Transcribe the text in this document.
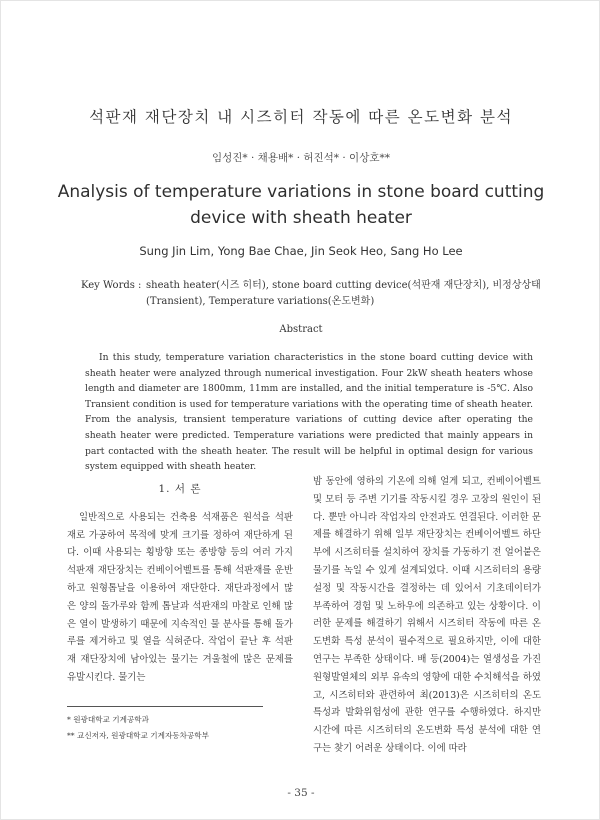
석판재 재단장치 내 시즈히터 작동에 따른 온도변화 분석
임성진* · 채용배* · 허진석* · 이상호**
Analysis of temperature variations in stone board cutting device with sheath heater
Sung Jin Lim, Yong Bae Chae, Jin Seok Heo, Sang Ho Lee
Key Words : sheath heater(시즈 히터), stone board cutting device(석판재 재단장치), 비정상상태(Transient), Temperature variations(온도변화)
Abstract
In this study, temperature variation characteristics in the stone board cutting device with sheath heater were analyzed through numerical investigation. Four 2kW sheath heaters whose length and diameter are 1800mm, 11mm are installed, and the initial temperature is -5℃. Also Transient condition is used for temperature variations with the operating time of sheath heater. From the analysis, transient temperature variations of cutting device after operating the sheath heater were predicted. Temperature variations were predicted that mainly appears in part contacted with the sheath heater. The result will be helpful in optimal design for various system equipped with sheath heater.
1. 서 론
일반적으로 사용되는 건축용 석재품은 원석을 석판재로 가공하여 목적에 맞게 크기를 정하여 재단하게 된다. 이때 사용되는 횡방향 또는 종방향 등의 여러 가지 석판재 재단장치는 컨베이어벨트를 통해 석판재를 운반하고 원형톱날을 이용하여 재단한다. 재단과정에서 많은 양의 돌가루와 함께 톱날과 석판재의 마찰로 인해 많은 열이 발생하기 때문에 지속적인 물 분사를 통해 돌가루를 제거하고 및 열을 식혀준다. 작업이 끝난 후 석판재 재단장치에 남아있는 물기는 겨울철에 많은 문제를 유발시킨다. 물기는
밤 동안에 영하의 기온에 의해 얼게 되고, 컨베이어벨트 및 모터 등 주변 기기를 작동시킬 경우 고장의 원인이 된다. 뿐만 아니라 작업자의 안전과도 연결된다. 이러한 문제를 해결하기 위해 일부 재단장치는 컨베이어벨트 하단부에 시즈히터를 설치하여 장치를 가동하기 전 얼어붙은 물기를 녹일 수 있게 설계되었다. 이때 시즈히터의 용량 설정 및 작동시간을 결정하는 데 있어서 기초데이터가 부족하여 경험 및 노하우에 의존하고 있는 상황이다. 이러한 문제를 해결하기 위해서 시즈히터 작동에 따른 온도변화 특성 분석이 필수적으로 필요하지만, 이에 대한 연구는 부족한 상태이다. 배 등(2004)는 열생성을 가진 원형발열체의 외부 유속의 영향에 대한 수치해석을 하였고, 시즈히터와 관련하여 최(2013)은 시즈히터의 온도특성과 발화위험성에 관한 연구를 수행하였다. 하지만 시간에 따른 시즈히터의 온도변화 특성 분석에 대한 연구는 찾기 어려운 상태이다. 이에 따라
* 원광대학교 기계공학과
** 교신저자, 원광대학교 기계자동차공학부
- 35 -
